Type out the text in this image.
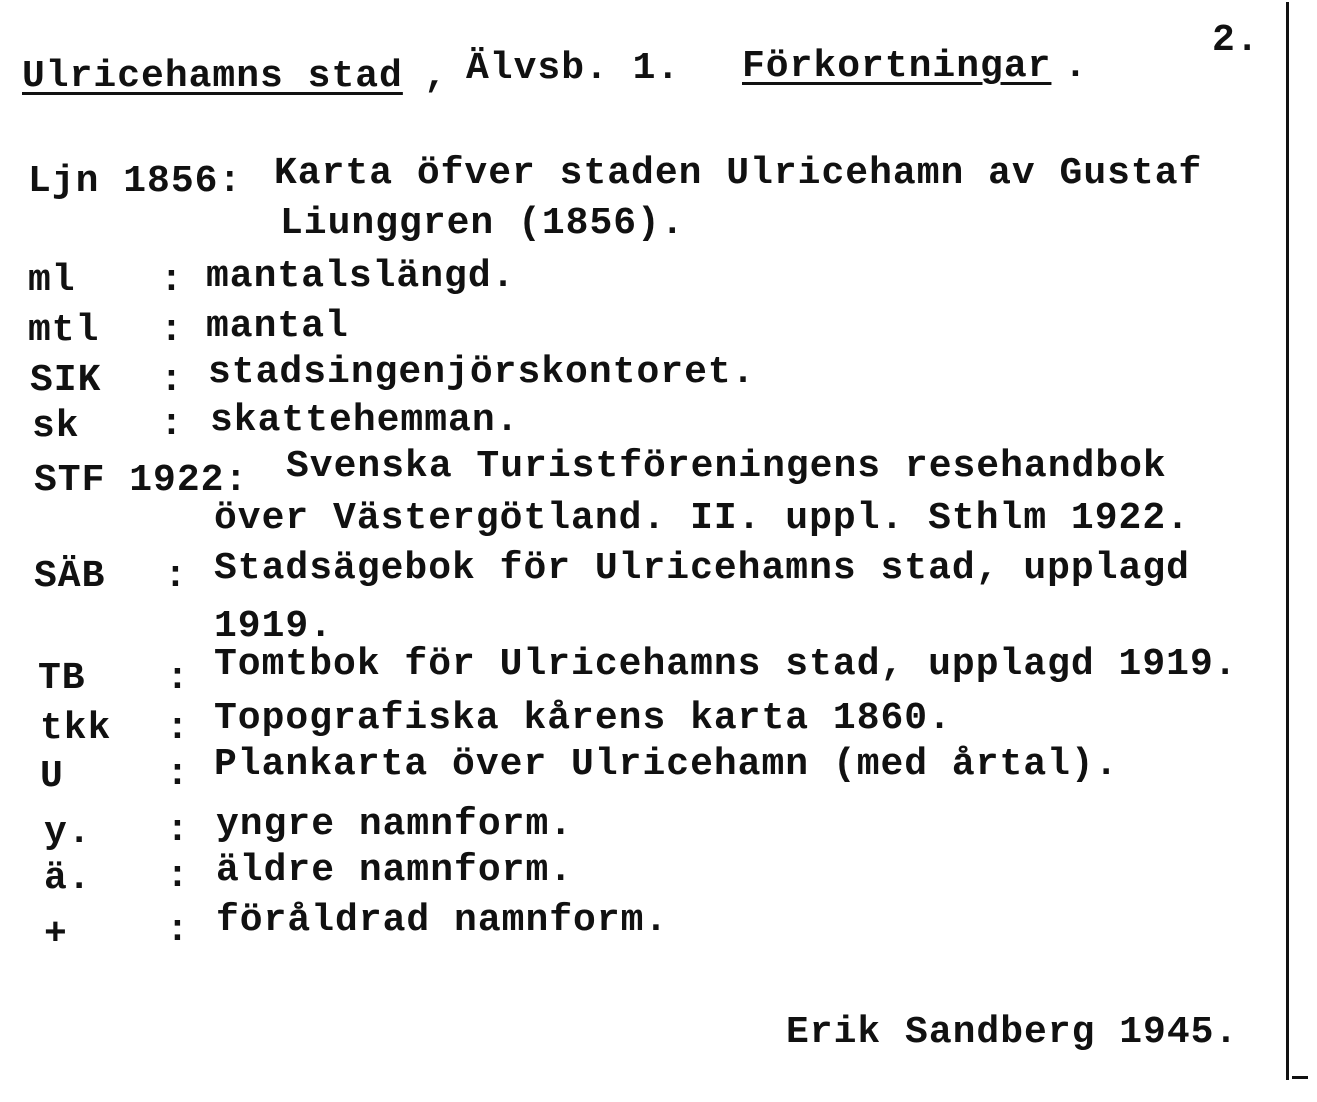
Ulricehamns stad , Älvsb. 1. Förkortningar .
2.
Ljn 1856: Karta öfver staden Ulricehamn av Gustaf
Liunggren (1856).
ml : mantalslängd.
mtl : mantal
SIK : stadsingenjörskontoret.
sk : skattehemman.
STF 1922: Svenska Turistföreningens resehandbok
över Västergötland. II. uppl. Sthlm 1922.
SÄB : Stadsägebok för Ulricehamns stad, upplagd
1919.
TB : Tomtbok för Ulricehamns stad, upplagd 1919.
tkk : Topografiska kårens karta 1860.
U	: Plankarta över Ulricehamn (med årtal).
y. : yngre namnform.
ä. : äldre namnform.
+	: föråldrad namnform.
Erik Sandberg 1945.
